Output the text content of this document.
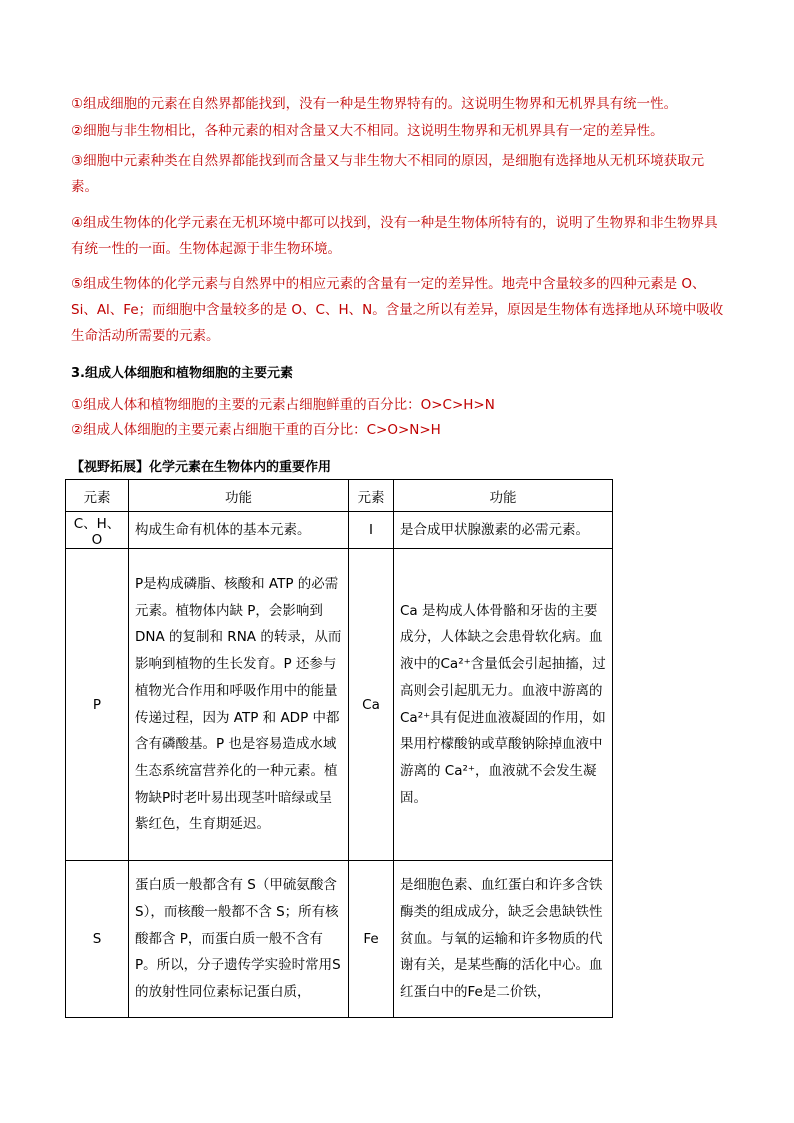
①组成细胞的元素在自然界都能找到，没有一种是生物界特有的。这说明生物界和无机界具有统一性。

②细胞与非生物相比，各种元素的相对含量又大不相同。这说明生物界和无机界具有一定的差异性。

③细胞中元素种类在自然界都能找到而含量又与非生物大不相同的原因，是细胞有选择地从无机环境获取元素。

④组成生物体的化学元素在无机环境中都可以找到，没有一种是生物体所特有的，说明了生物界和非生物界具有统一性的一面。生物体起源于非生物环境。

⑤组成生物体的化学元素与自然界中的相应元素的含量有一定的差异性。地壳中含量较多的四种元素是 O、Si、Al、Fe；而细胞中含量较多的是 O、C、H、N。含量之所以有差异，原因是生物体有选择地从环境中吸收生命活动所需要的元素。

3.组成人体细胞和植物细胞的主要元素

①组成人体和植物细胞的主要的元素占细胞鲜重的百分比：O>C>H>N

②组成人体细胞的主要元素占细胞干重的百分比：C>O>N>H

【视野拓展】化学元素在生物体内的重要作用

元素	功能	元素	功能
C、H、O	构成生命有机体的基本元素。	I	是合成甲状腺激素的必需元素。
P	P是构成磷脂、核酸和 ATP 的必需元素。植物体内缺 P，会影响到 DNA 的复制和 RNA 的转录，从而影响到植物的生长发育。P 还参与植物光合作用和呼吸作用中的能量传递过程，因为 ATP 和 ADP 中都含有磷酸基。P 也是容易造成水域生态系统富营养化的一种元素。植物缺P时老叶易出现茎叶暗绿或呈紫红色，生育期延迟。	Ca	Ca 是构成人体骨骼和牙齿的主要成分，人体缺之会患骨软化病。血液中的Ca²⁺含量低会引起抽搐，过高则会引起肌无力。血液中游离的 Ca²⁺具有促进血液凝固的作用，如果用柠檬酸钠或草酸钠除掉血液中游离的 Ca²⁺，血液就不会发生凝固。
S	蛋白质一般都含有 S（甲硫氨酸含 S），而核酸一般都不含 S；所有核酸都含 P，而蛋白质一般不含有P。所以，分子遗传学实验时常用S的放射性同位素标记蛋白质，	Fe	是细胞色素、血红蛋白和许多含铁酶类的组成成分，缺乏会患缺铁性贫血。与氧的运输和许多物质的代谢有关，是某些酶的活化中心。血红蛋白中的Fe是二价铁，
